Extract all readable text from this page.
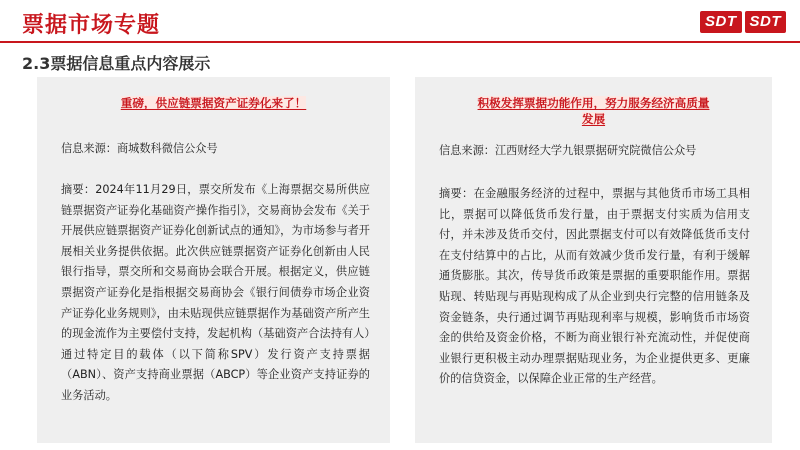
票据市场专题	SDT SDT
2.3票据信息重点内容展示
重磅，供应链票据资产证券化来了！
信息来源：商城数科微信公众号
摘要：2024年11月29日，票交所发布《上海票据交易所供应链票据资产证券化基础资产操作指引》，交易商协会发布《关于开展供应链票据资产证券化创新试点的通知》，为市场参与者开展相关业务提供依据。此次供应链票据资产证券化创新由人民银行指导，票交所和交易商协会联合开展。根据定义，供应链票据资产证券化是指根据交易商协会《银行间债券市场企业资产证券化业务规则》，由未贴现供应链票据作为基础资产所产生的现金流作为主要偿付支持，发起机构（基础资产合法持有人）通过特定目的载体（以下简称SPV）发行资产支持票据（ABN）、资产支持商业票据（ABCP）等企业资产支持证券的业务活动。
积极发挥票据功能作用，努力服务经济高质量
发展
信息来源：江西财经大学九银票据研究院微信公众号
摘要：在金融服务经济的过程中，票据与其他货币市场工具相比，票据可以降低货币发行量，由于票据支付实质为信用支付，并未涉及货币交付，因此票据支付可以有效降低货币支付在支付结算中的占比，从而有效减少货币发行量，有利于缓解通货膨胀。其次，传导货币政策是票据的重要职能作用。票据贴现、转贴现与再贴现构成了从企业到央行完整的信用链条及资金链条，央行通过调节再贴现利率与规模，影响货币市场资金的供给及资金价格，不断为商业银行补充流动性，并促使商业银行更积极主动办理票据贴现业务，为企业提供更多、更廉价的信贷资金，以保障企业正常的生产经营。
